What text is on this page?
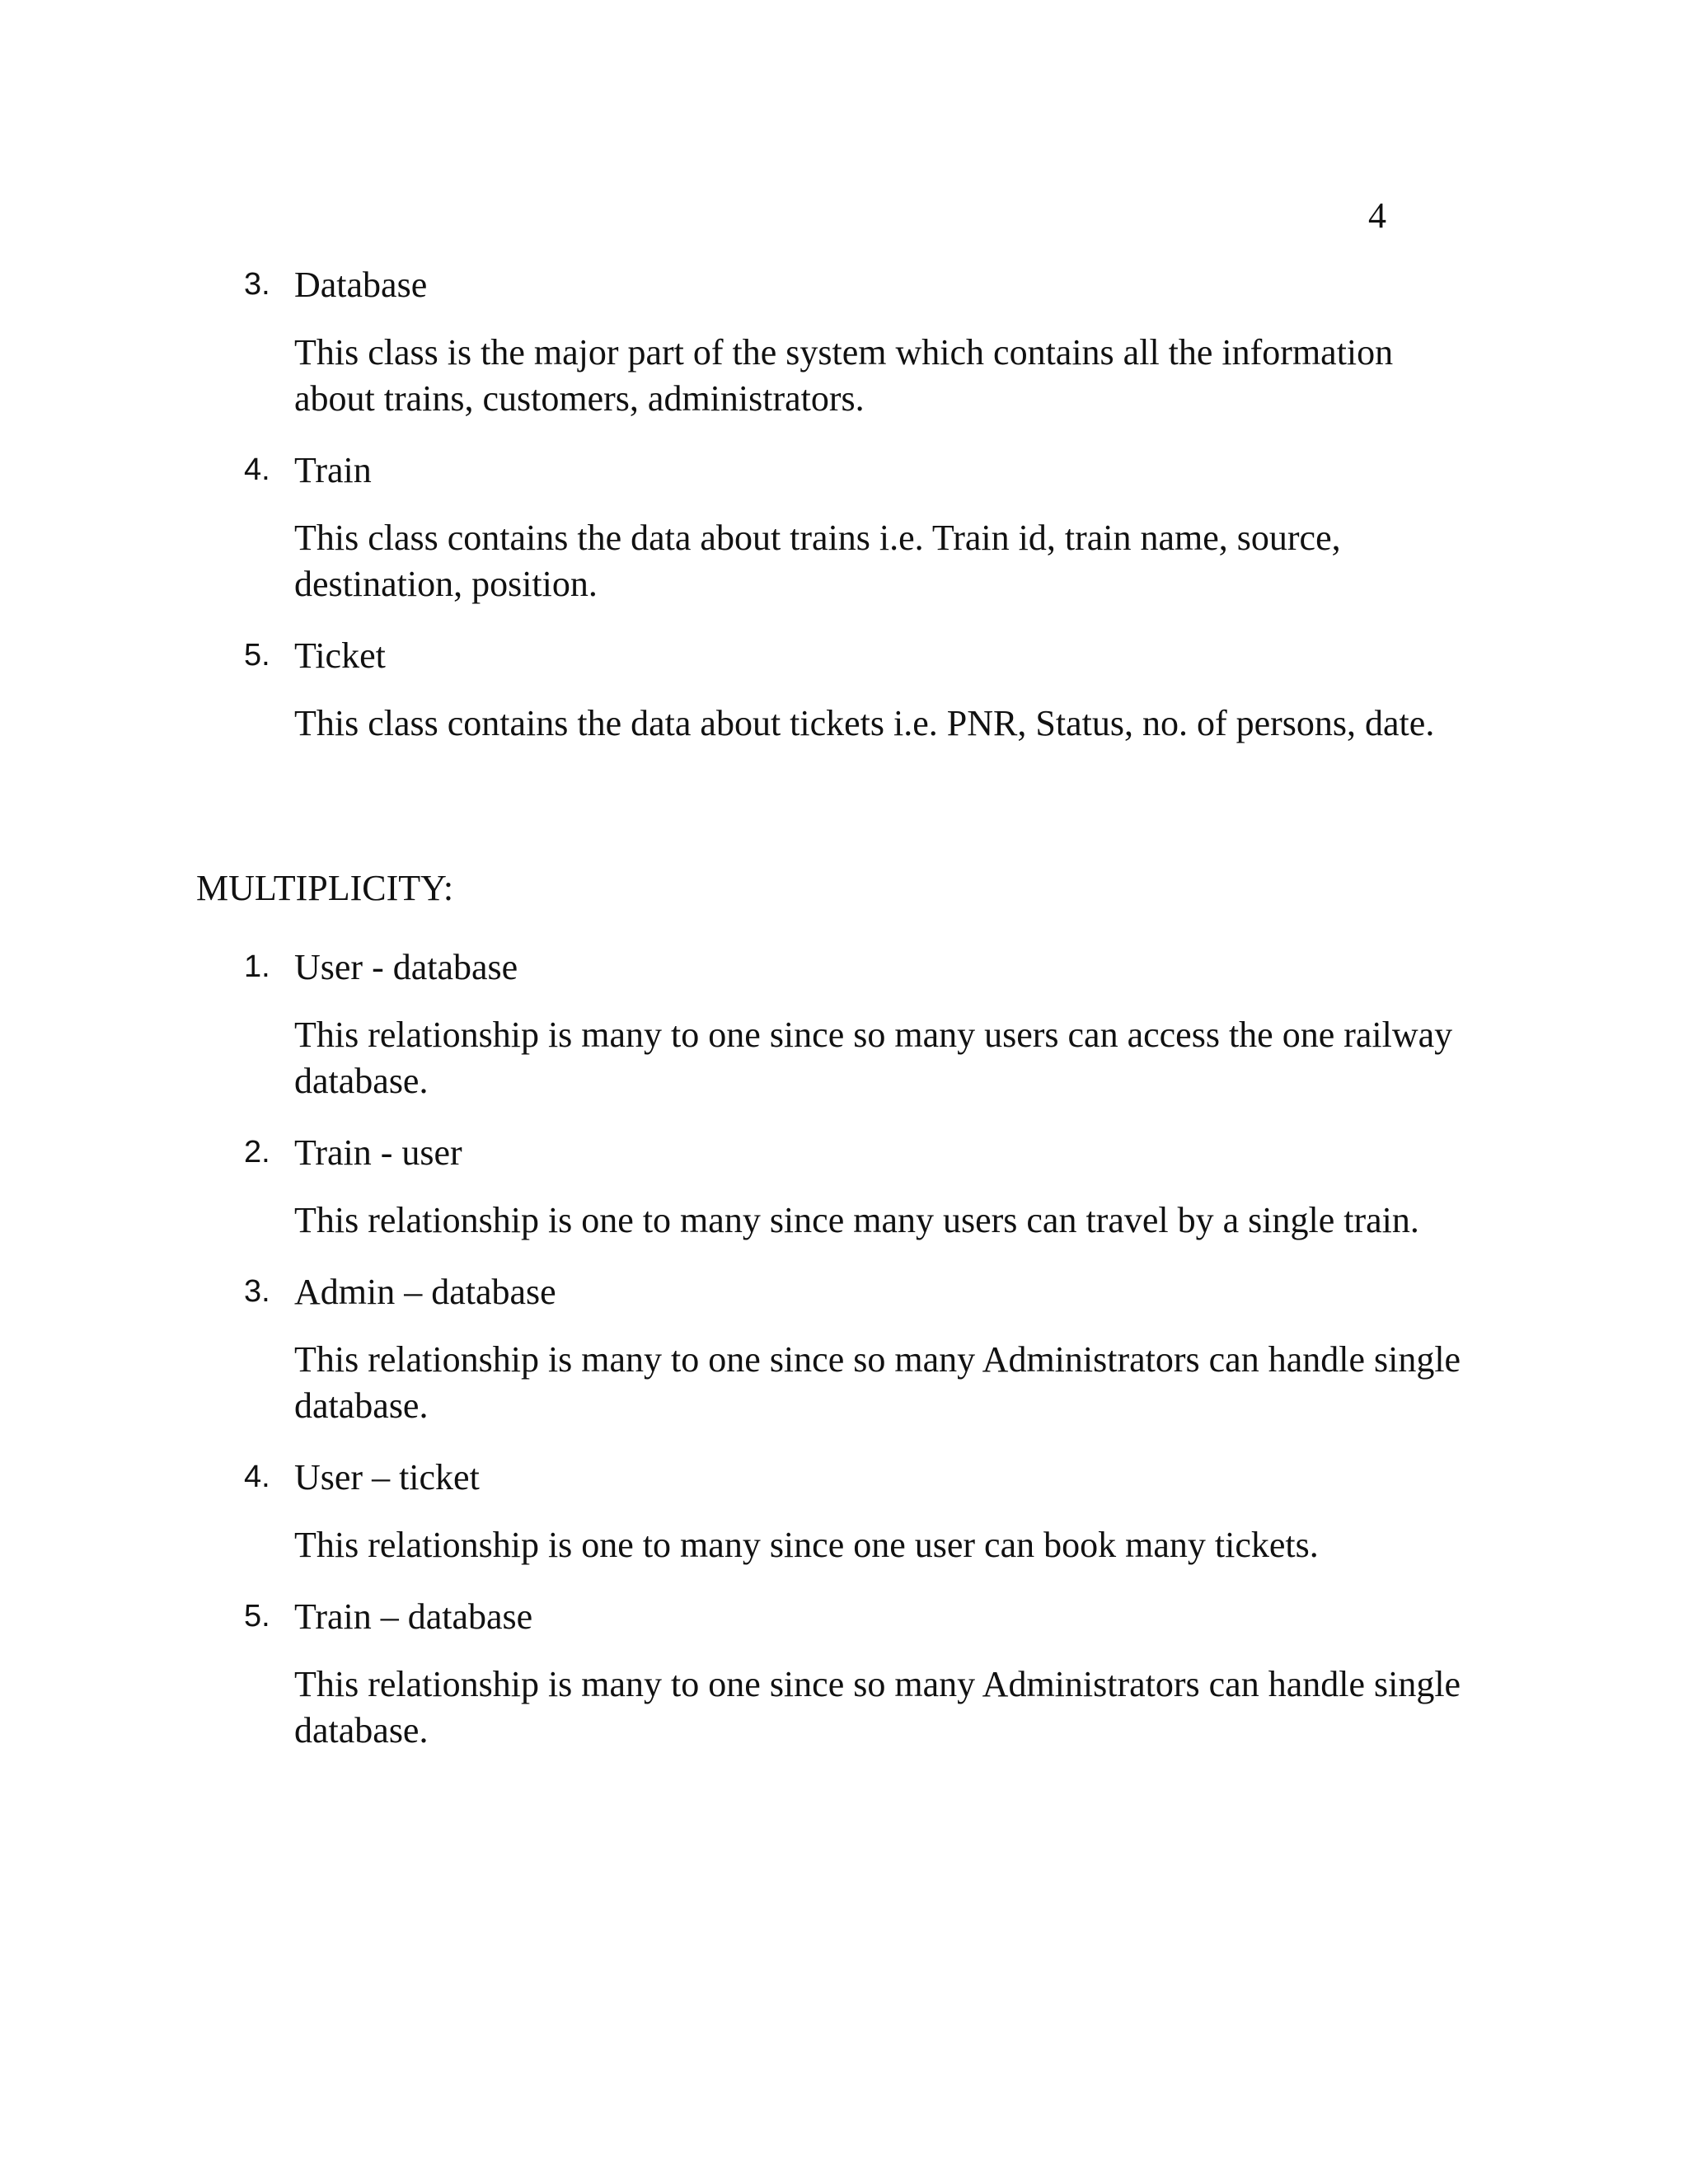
4
3. Database
This class is the major part of the system which contains all the information about trains, customers, administrators.
4. Train
This class contains the data about trains i.e. Train id, train name, source, destination, position.
5. Ticket
This class contains the data about tickets i.e. PNR, Status, no. of persons, date.
MULTIPLICITY:
1. User - database
This relationship is many to one since so many users can access the one railway database.
2. Train - user
This relationship is one to many since many users can travel by a single train.
3. Admin – database
This relationship is many to one since so many Administrators can handle single database.
4. User – ticket
This relationship is one to many since one user can book many tickets.
5. Train – database
This relationship is many to one since so many Administrators can handle single database.
